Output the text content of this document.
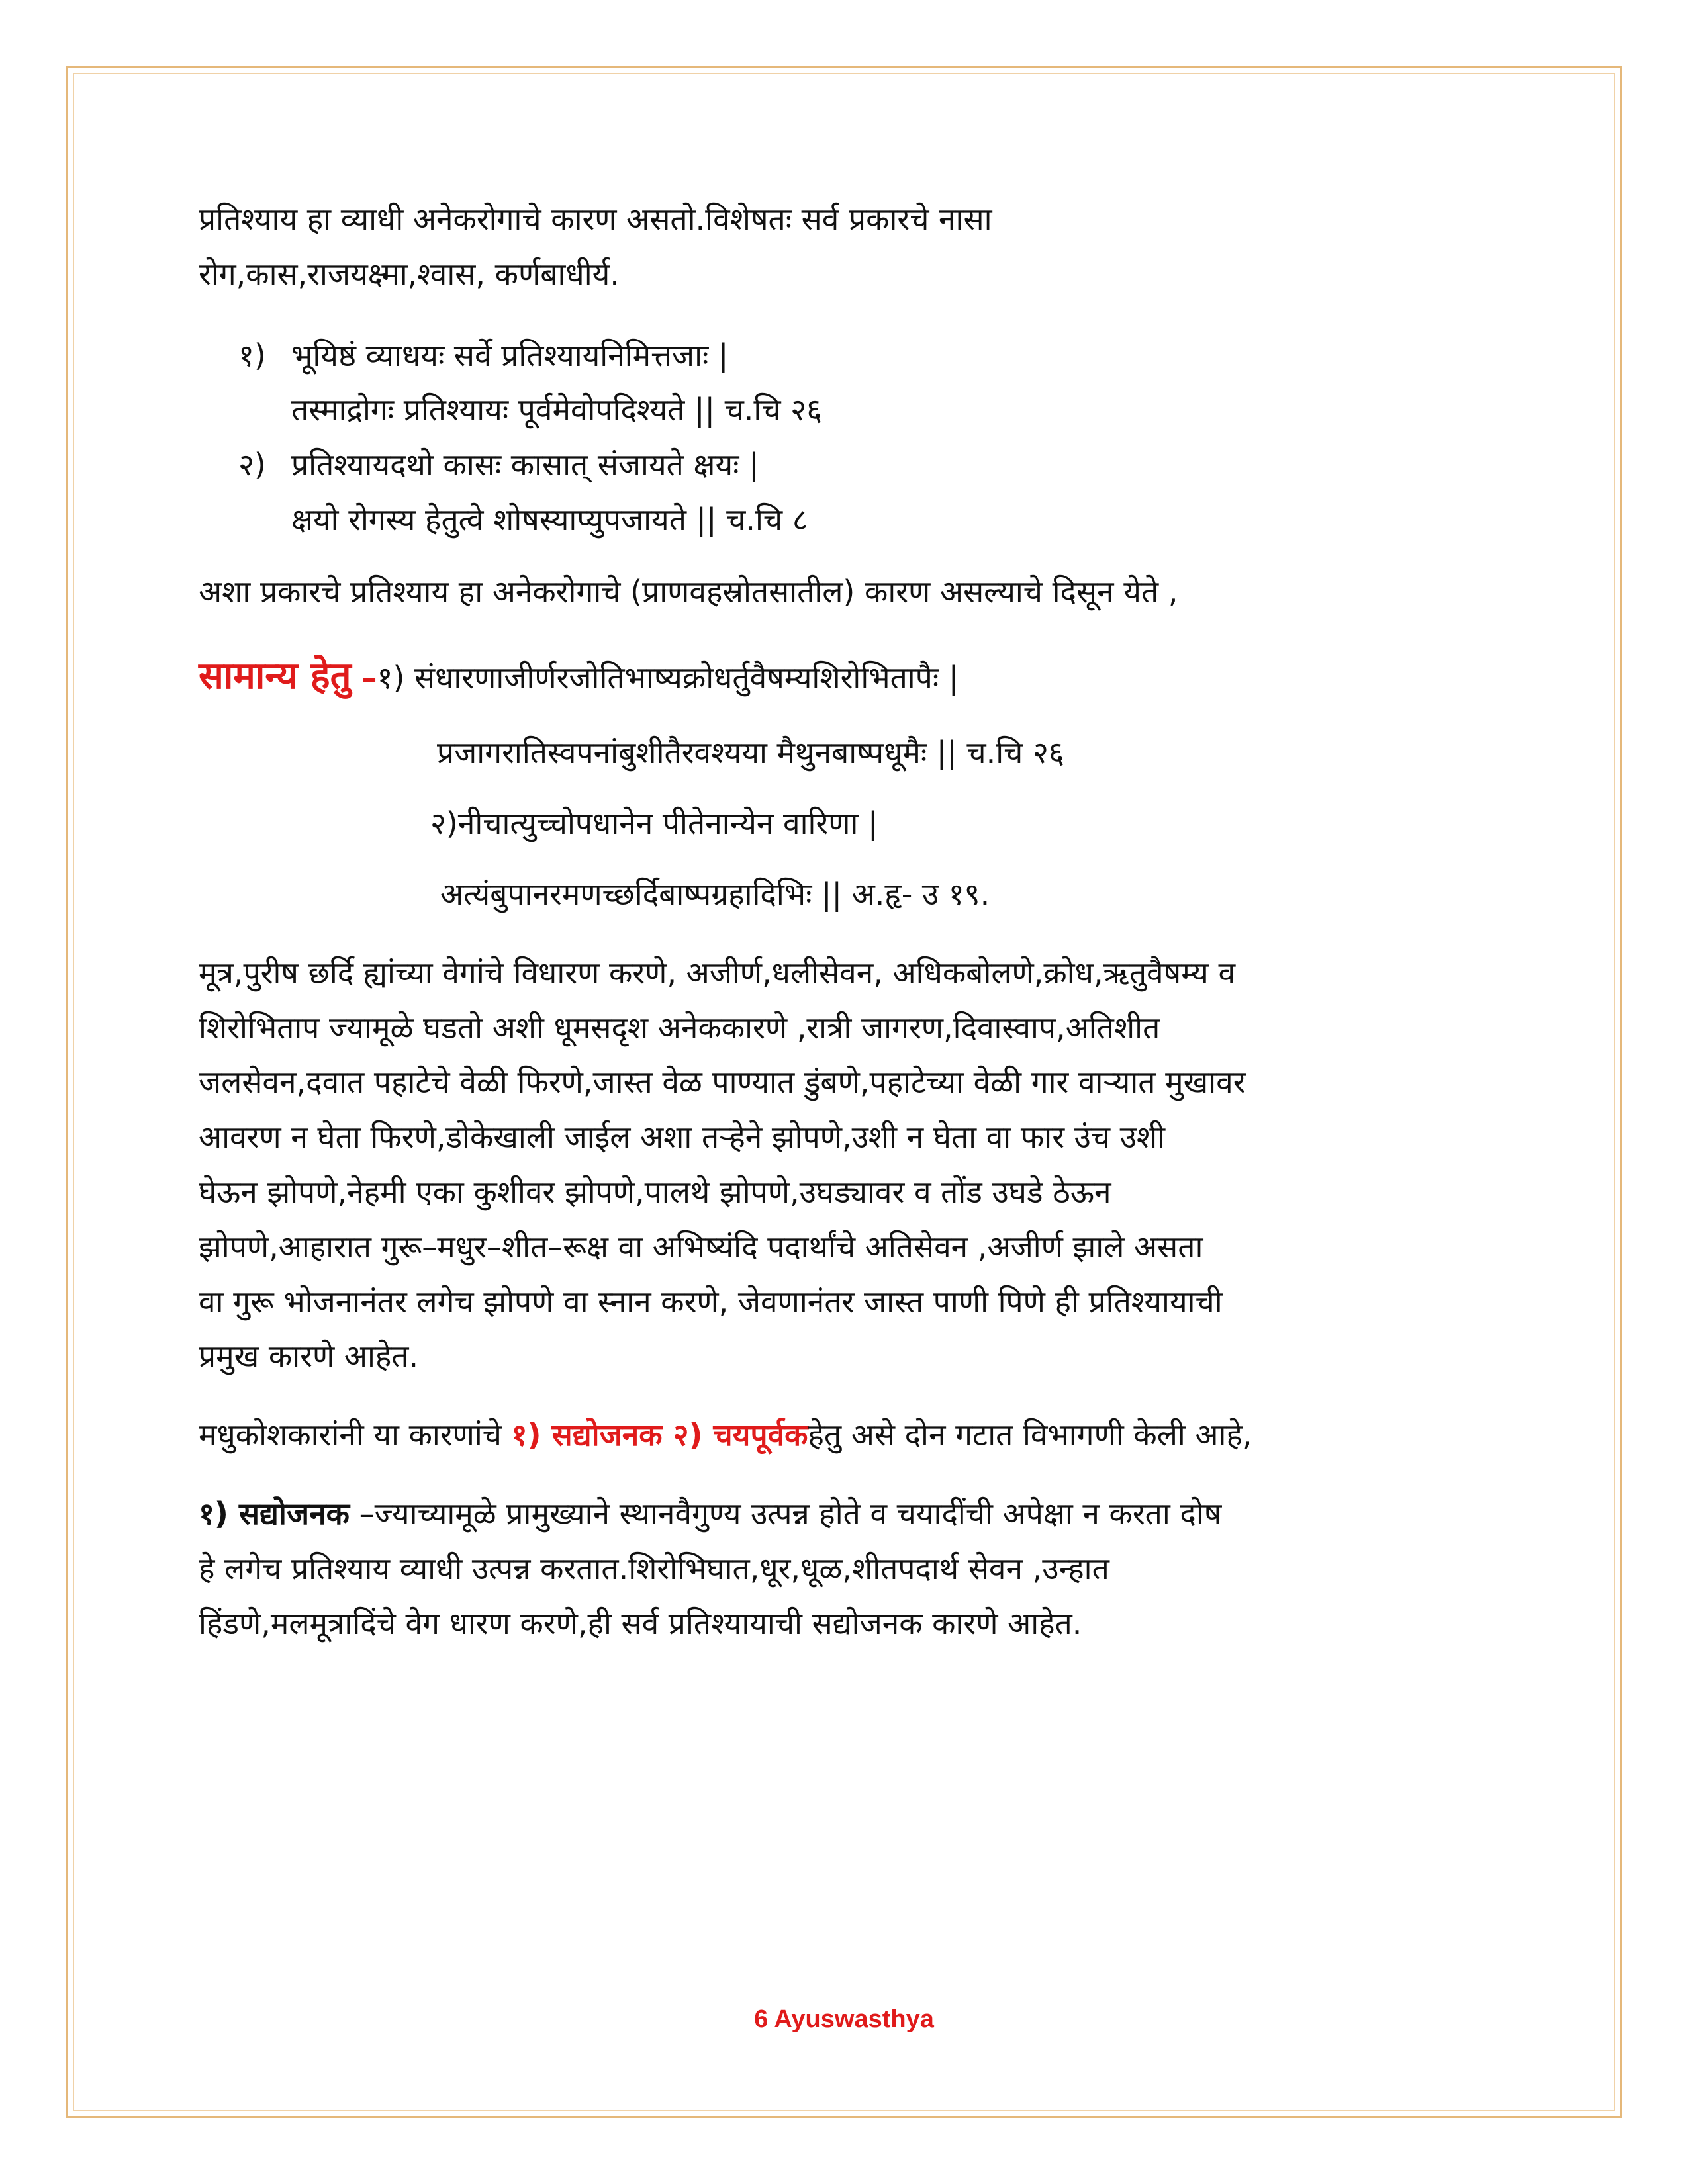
प्रतिश्याय हा व्याधी अनेकरोगाचे कारण असतो.विशेषतः सर्व प्रकारचे नासा

रोग,कास,राजयक्ष्मा,श्वास, कर्णबाधीर्य.

१) भूयिष्ठं व्याधयः सर्वे प्रतिश्यायनिमित्तजाः |
तस्माद्रोगः प्रतिश्यायः पूर्वमेवोपदिश्यते || च.चि २६
२) प्रतिश्यायदथो कासः कासात् संजायते क्षयः |
क्षयो रोगस्य हेतुत्वे शोषस्याप्युपजायते || च.चि ८

अशा प्रकारचे प्रतिश्याय हा अनेकरोगाचे (प्राणवहस्रोतसातील) कारण असल्याचे दिसून येते ,

सामान्य हेतु –१) संधारणाजीर्णरजोतिभाष्यक्रोधर्तुवैषम्यशिरोभितापैः |

प्रजागरातिस्वपनांबुशीतैरवश्यया मैथुनबाष्पधूमैः || च.चि २६

२)नीचात्युच्चोपधानेन पीतेनान्येन वारिणा |

अत्यंबुपानरमणच्छर्दिबाष्पग्रहादिभिः || अ.हृ- उ १९.

मूत्र,पुरीष छर्दि ह्यांच्या वेगांचे विधारण करणे, अजीर्ण,धलीसेवन, अधिकबोलणे,क्रोध,ऋतुवैषम्य व

शिरोभिताप ज्यामूळे घडतो अशी धूमसदृश अनेककारणे ,रात्री जागरण,दिवास्वाप,अतिशीत

जलसेवन,दवात पहाटेचे वेळी फिरणे,जास्त वेळ पाण्यात डुंबणे,पहाटेच्या वेळी गार वाऱ्यात मुखावर

आवरण न घेता फिरणे,डोकेखाली जाईल अशा तऱ्हेने झोपणे,उशी न घेता वा फार उंच उशी

घेऊन झोपणे,नेहमी एका कुशीवर झोपणे,पालथे झोपणे,उघड्यावर व तोंड उघडे ठेऊन

झोपणे,आहारात गुरू–मधुर–शीत–रूक्ष वा अभिष्यंदि पदार्थांचे अतिसेवन ,अजीर्ण झाले असता

वा गुरू भोजनानंतर लगेच झोपणे वा स्नान करणे, जेवणानंतर जास्त पाणी पिणे ही प्रतिश्यायाची

प्रमुख कारणे आहेत.

मधुकोशकारांनी या कारणांचे १) सद्योजनक २) चयपूर्वकहेतु असे दोन गटात विभागणी केली आहे,

१) सद्योजनक –ज्याच्यामूळे प्रामुख्याने स्थानवैगुण्य उत्पन्न होते व चयादींची अपेक्षा न करता दोष

हे लगेच प्रतिश्याय व्याधी उत्पन्न करतात.शिरोभिघात,धूर,धूळ,शीतपदार्थ सेवन ,उन्हात

हिंडणे,मलमूत्रादिंचे वेग धारण करणे,ही सर्व प्रतिश्यायाची सद्योजनक कारणे आहेत.

6 Ayuswasthya
